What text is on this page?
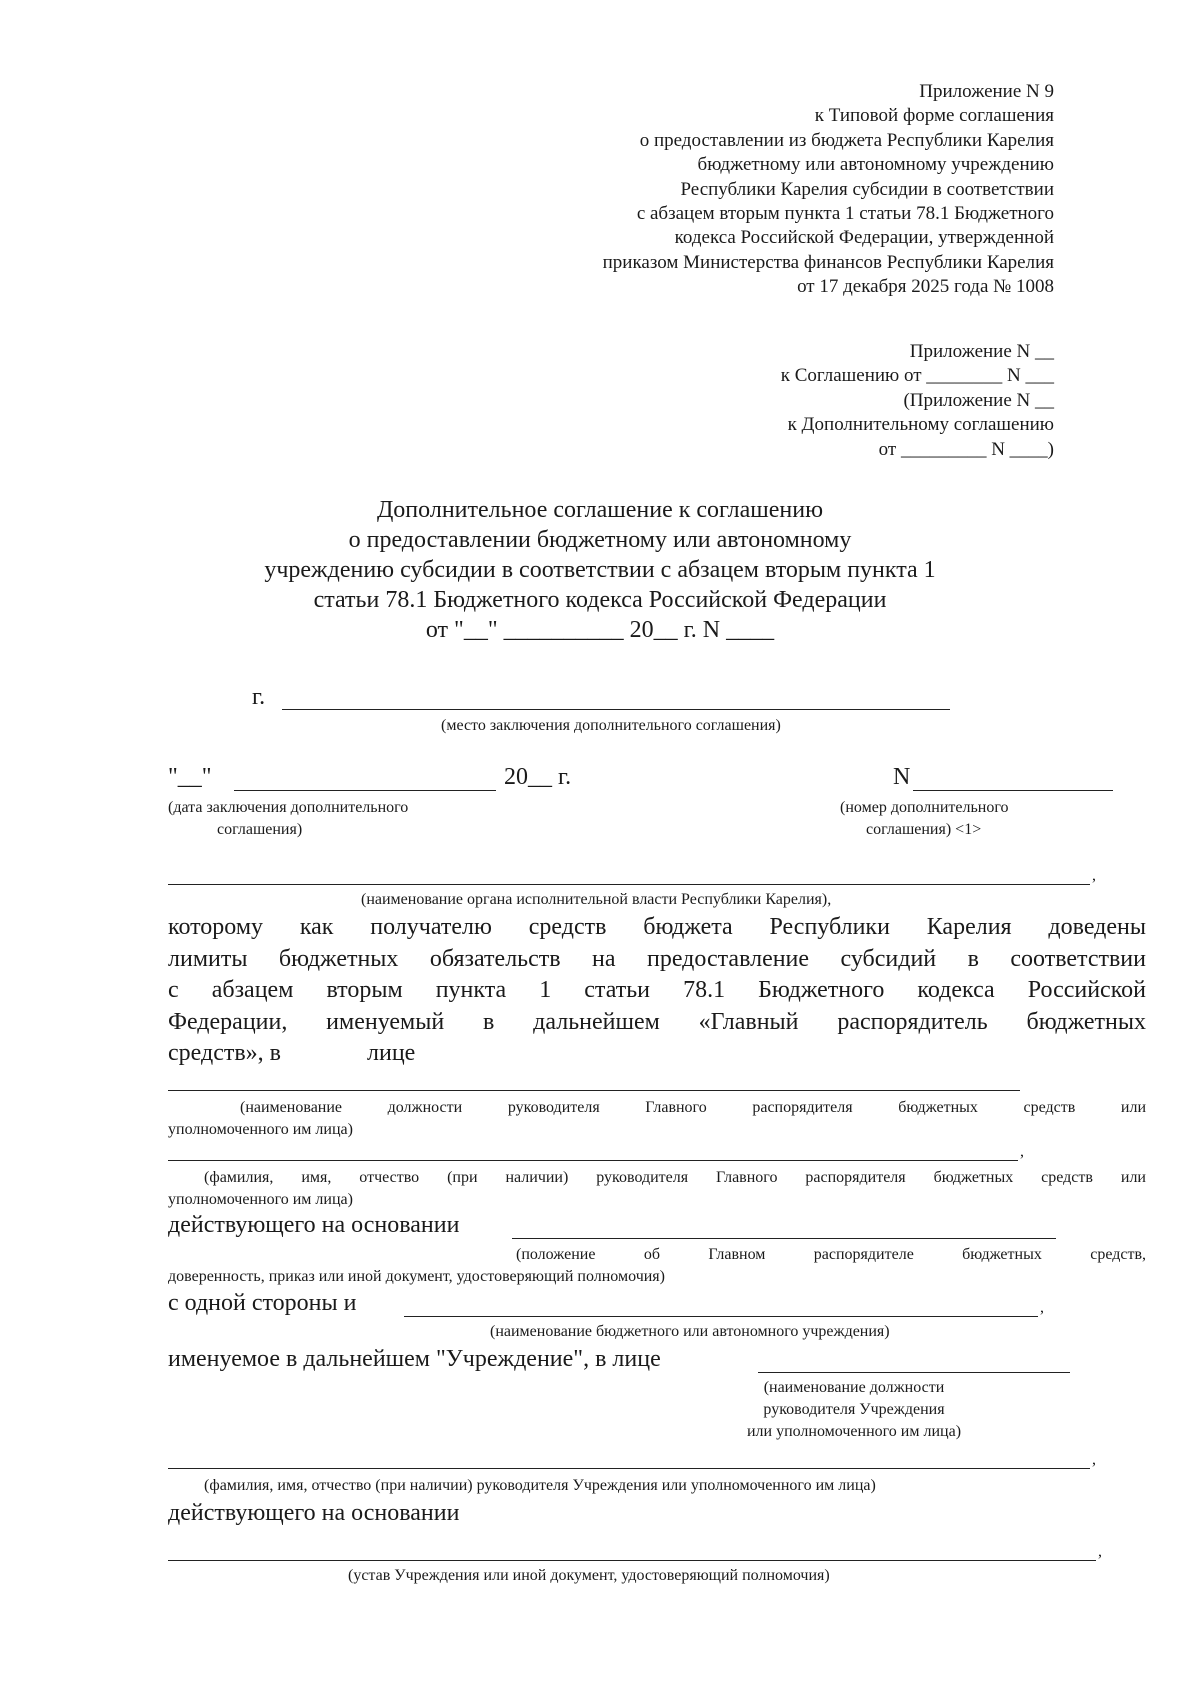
Приложение N 9
к Типовой форме соглашения
о предоставлении из бюджета Республики Карелия
бюджетному или автономному учреждению
Республики Карелия субсидии в соответствии
с абзацем вторым пункта 1 статьи 78.1 Бюджетного
кодекса Российской Федерации, утвержденной
приказом Министерства финансов Республики Карелия
от 17 декабря 2025 года № 1008
Приложение N __
к Соглашению от ________ N ___
(Приложение N __
к Дополнительному соглашению
от _________ N ____)
Дополнительное соглашение к соглашению
о предоставлении бюджетному или автономному
учреждению субсидии в соответствии с абзацем вторым пункта 1
статьи 78.1 Бюджетного кодекса Российской Федерации
от "__" __________ 20__ г. N ____
г.
(место заключения дополнительного соглашения)
"__"	20__ г.
(дата заключения дополнительного
соглашения)
N
(номер дополнительного
соглашения) <1>
,
(наименование органа исполнительной власти Республики Карелия),
которому как получателю средств бюджета Республики Карелия доведены
лимиты бюджетных обязательств на предоставление субсидий в соответствии
с абзацем вторым пункта 1 статьи 78.1 Бюджетного кодекса Российской
Федерации, именуемый в дальнейшем «Главный распорядитель бюджетных
средств», в	лице
(наименование должности руководителя Главного распорядителя бюджетных средств или
уполномоченного им лица)
,
(фамилия, имя, отчество (при наличии) руководителя Главного распорядителя бюджетных средств или
уполномоченного им лица)
действующего на основании
(положение об Главном распорядителе бюджетных средств,
доверенность, приказ или иной документ, удостоверяющий полномочия)
с одной стороны и	,
(наименование бюджетного или автономного учреждения)
именуемое в дальнейшем "Учреждение", в лице
(наименование должности
руководителя Учреждения
или уполномоченного им лица)
,
(фамилия, имя, отчество (при наличии) руководителя Учреждения или уполномоченного им лица)
действующего на основании
,
(устав Учреждения или иной документ, удостоверяющий полномочия)
